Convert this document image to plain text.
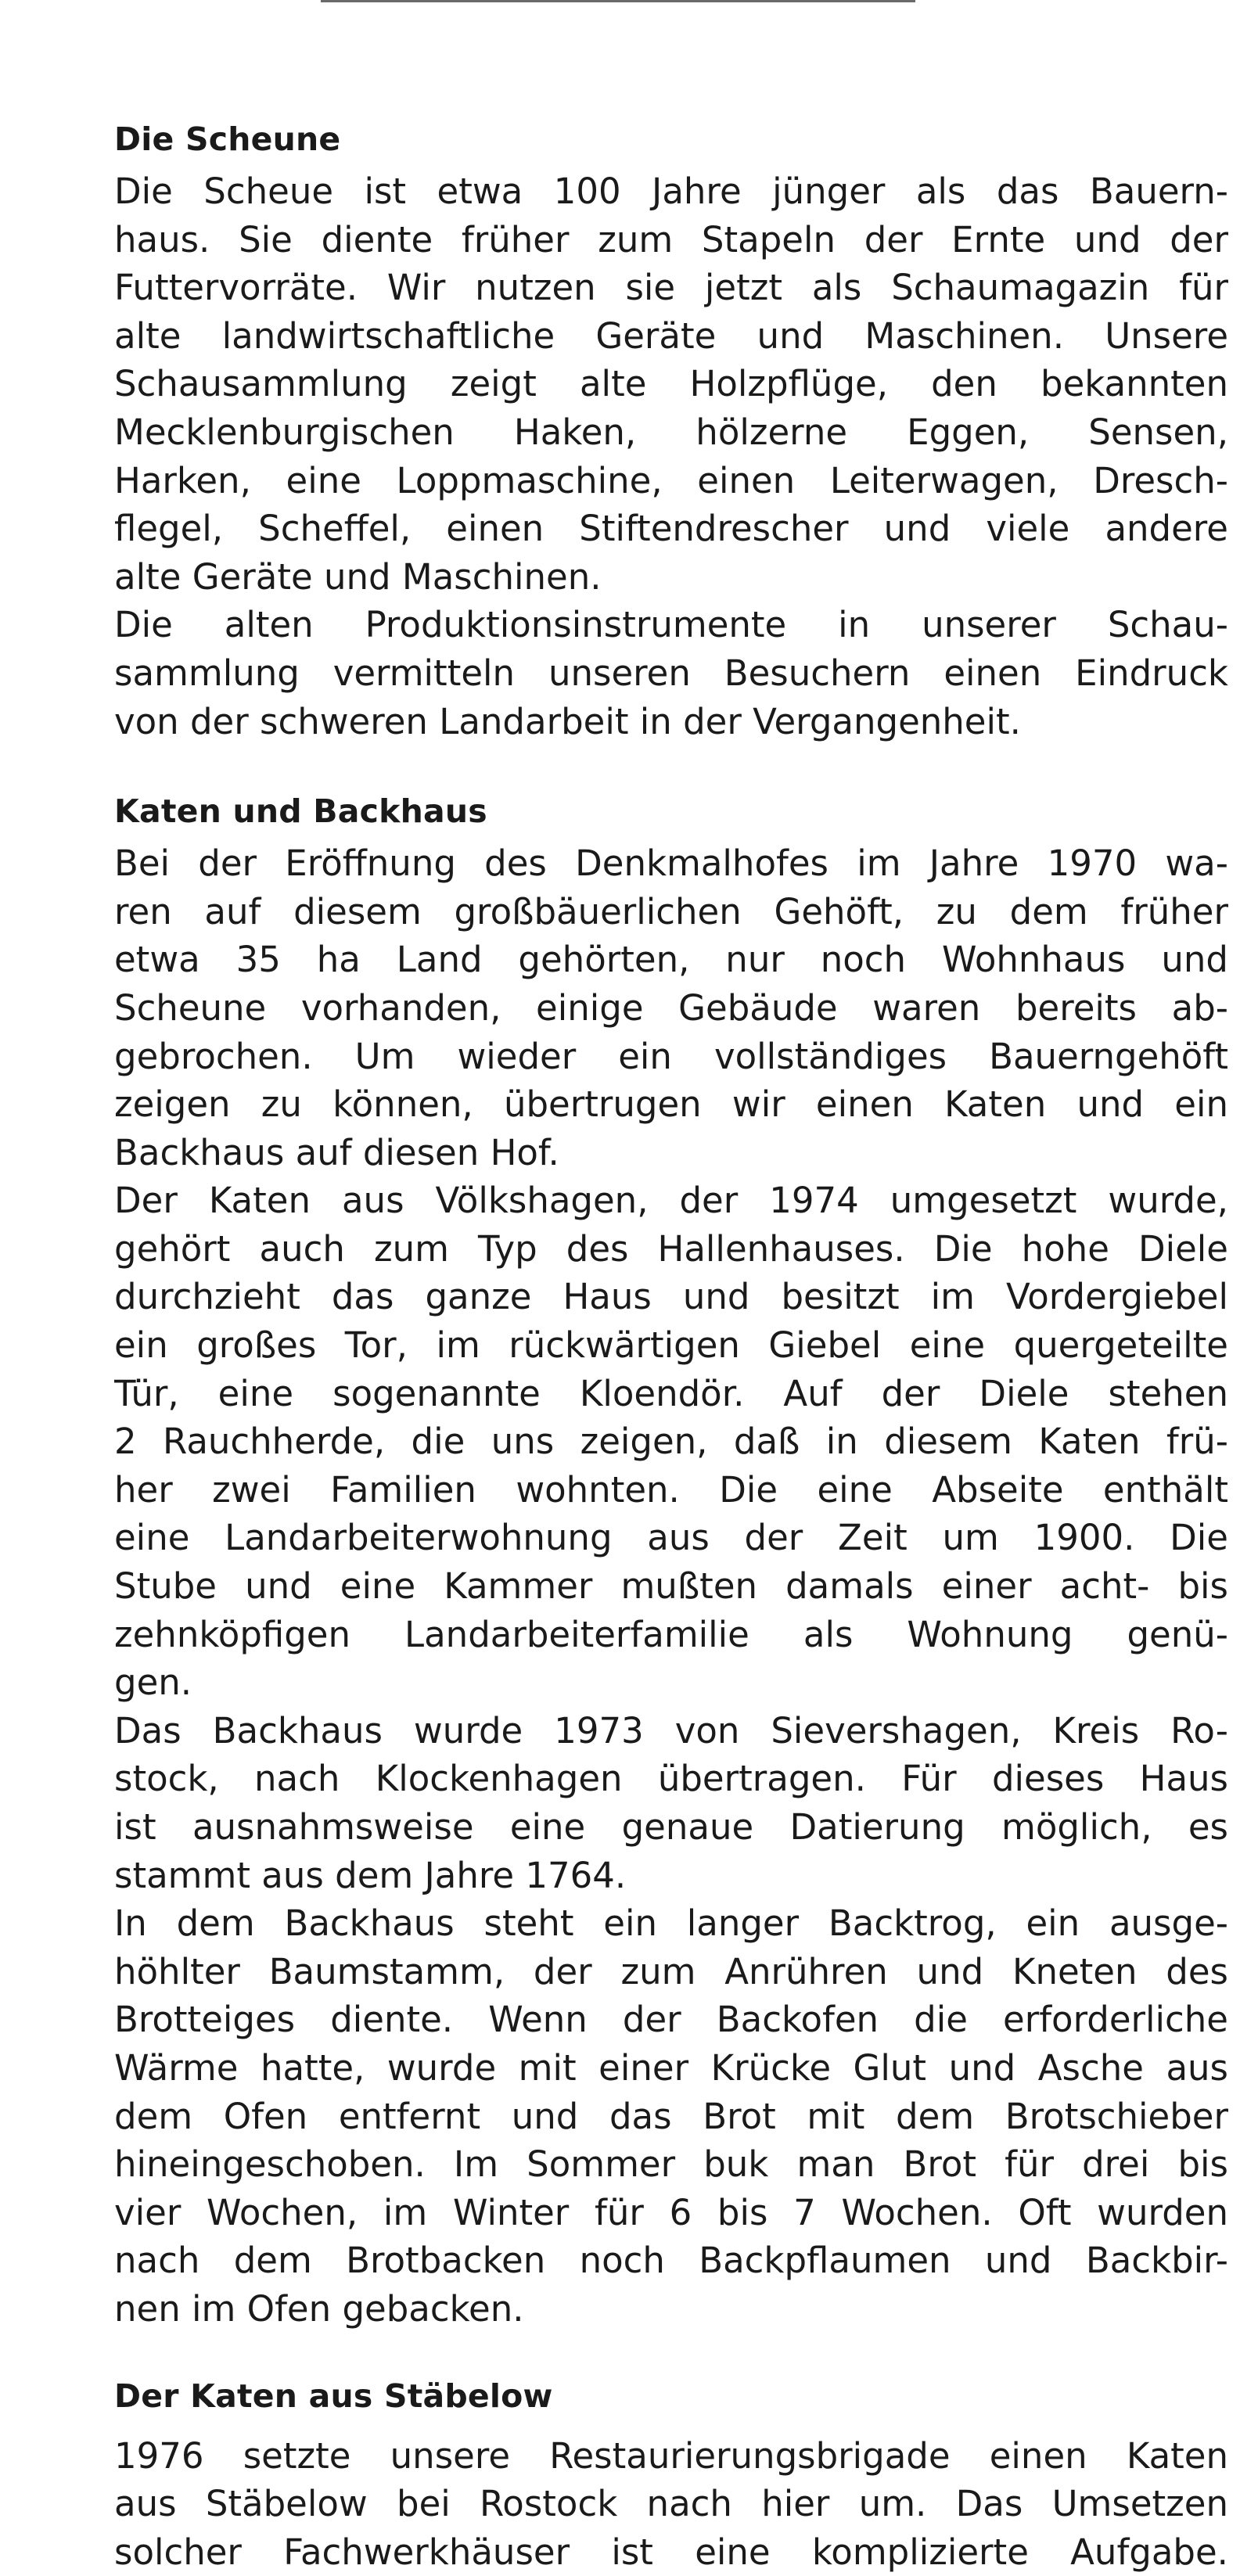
Die Scheune
Die Scheue ist etwa 100 Jahre jünger als das Bauern-
haus. Sie diente früher zum Stapeln der Ernte und der
Futtervorräte. Wir nutzen sie jetzt als Schaumagazin für
alte landwirtschaftliche Geräte und Maschinen. Unsere
Schausammlung zeigt alte Holzpflüge, den bekannten
Mecklenburgischen Haken, hölzerne Eggen, Sensen,
Harken, eine Loppmaschine, einen Leiterwagen, Dresch-
flegel, Scheffel, einen Stiftendrescher und viele andere
alte Geräte und Maschinen.
Die alten Produktionsinstrumente in unserer Schau-
sammlung vermitteln unseren Besuchern einen Eindruck
von der schweren Landarbeit in der Vergangenheit.
Katen und Backhaus
Bei der Eröffnung des Denkmalhofes im Jahre 1970 wa-
ren auf diesem großbäuerlichen Gehöft, zu dem früher
etwa 35 ha Land gehörten, nur noch Wohnhaus und
Scheune vorhanden, einige Gebäude waren bereits ab-
gebrochen. Um wieder ein vollständiges Bauerngehöft
zeigen zu können, übertrugen wir einen Katen und ein
Backhaus auf diesen Hof.
Der Katen aus Völkshagen, der 1974 umgesetzt wurde,
gehört auch zum Typ des Hallenhauses. Die hohe Diele
durchzieht das ganze Haus und besitzt im Vordergiebel
ein großes Tor, im rückwärtigen Giebel eine quergeteilte
Tür, eine sogenannte Kloendör. Auf der Diele stehen
2 Rauchherde, die uns zeigen, daß in diesem Katen frü-
her zwei Familien wohnten. Die eine Abseite enthält
eine Landarbeiterwohnung aus der Zeit um 1900. Die
Stube und eine Kammer mußten damals einer acht- bis
zehnköpfigen Landarbeiterfamilie als Wohnung genü-
gen.
Das Backhaus wurde 1973 von Sievershagen, Kreis Ro-
stock, nach Klockenhagen übertragen. Für dieses Haus
ist ausnahmsweise eine genaue Datierung möglich, es
stammt aus dem Jahre 1764.
In dem Backhaus steht ein langer Backtrog, ein ausge-
höhlter Baumstamm, der zum Anrühren und Kneten des
Brotteiges diente. Wenn der Backofen die erforderliche
Wärme hatte, wurde mit einer Krücke Glut und Asche aus
dem Ofen entfernt und das Brot mit dem Brotschieber
hineingeschoben. Im Sommer buk man Brot für drei bis
vier Wochen, im Winter für 6 bis 7 Wochen. Oft wurden
nach dem Brotbacken noch Backpflaumen und Backbir-
nen im Ofen gebacken.
Der Katen aus Stäbelow
1976 setzte unsere Restaurierungsbrigade einen Katen
aus Stäbelow bei Rostock nach hier um. Das Umsetzen
solcher Fachwerkhäuser ist eine komplizierte Aufgabe.
